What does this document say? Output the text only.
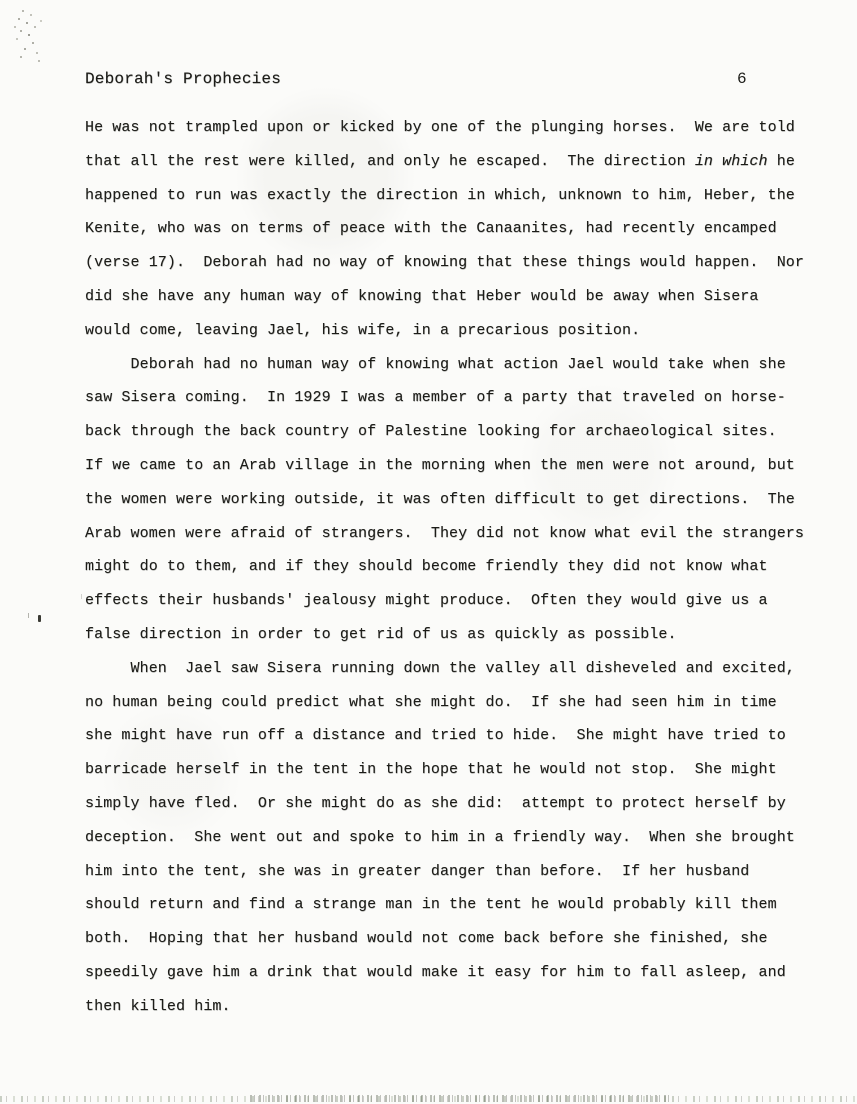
Deborah's Prophecies	6
He was not trampled upon or kicked by one of the plunging horses.  We are told
that all the rest were killed, and only he escaped.  The direction in which he
happened to run was exactly the direction in which, unknown to him, Heber, the
Kenite, who was on terms of peace with the Canaanites, had recently encamped
(verse 17).  Deborah had no way of knowing that these things would happen.  Nor
did she have any human way of knowing that Heber would be away when Sisera
would come, leaving Jael, his wife, in a precarious position.
Deborah had no human way of knowing what action Jael would take when she
saw Sisera coming.  In 1929 I was a member of a party that traveled on horse-
back through the back country of Palestine looking for archaeological sites.
If we came to an Arab village in the morning when the men were not around, but
the women were working outside, it was often difficult to get directions.  The
Arab women were afraid of strangers.  They did not know what evil the strangers
might do to them, and if they should become friendly they did not know what
effects their husbands' jealousy might produce.  Often they would give us a
false direction in order to get rid of us as quickly as possible.
When  Jael saw Sisera running down the valley all disheveled and excited,
no human being could predict what she might do.  If she had seen him in time
she might have run off a distance and tried to hide.  She might have tried to
barricade herself in the tent in the hope that he would not stop.  She might
simply have fled.  Or she might do as she did:  attempt to protect herself by
deception.  She went out and spoke to him in a friendly way.  When she brought
him into the tent, she was in greater danger than before.  If her husband
should return and find a strange man in the tent he would probably kill them
both.  Hoping that her husband would not come back before she finished, she
speedily gave him a drink that would make it easy for him to fall asleep, and
then killed him.
